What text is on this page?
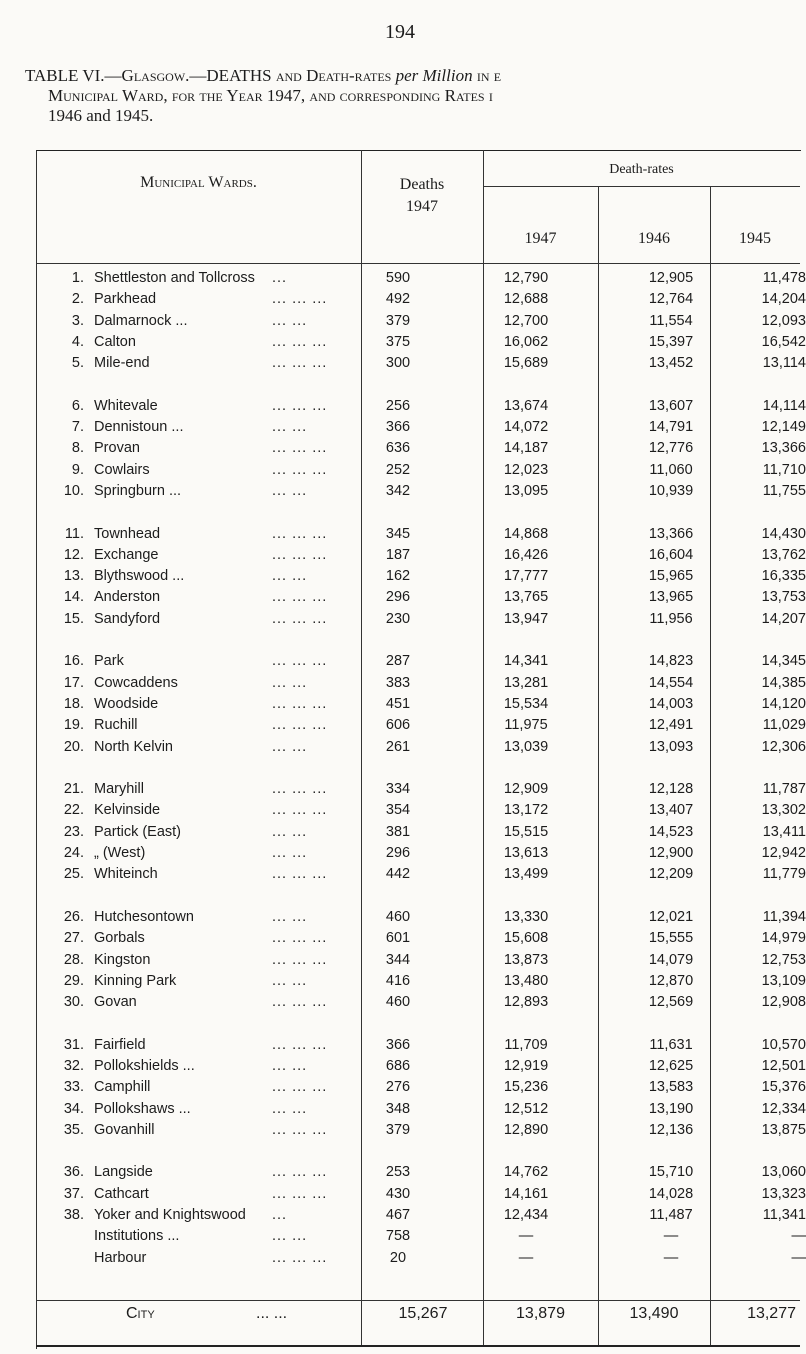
194
TABLE VI.—Glasgow.—DEATHS and Death-rates per Million in e
Municipal Ward, for the Year 1947, and corresponding Rates i
1946 and 1945.
Municipal Wards.	Deaths
1947
Death-rates
1947	1946	1945
1. Shettleston and Tollcross ...	590	12,790	12,905	11,478
2. Parkhead	... ... ...	492	12,688	12,764	14,204
3. Dalmarnock ...	... ...	379	12,700	11,554	12,093
4. Calton	... ... ...	375	16,062	15,397	16,542
5. Mile-end	... ... ...	300	15,689	13,452	13,114
6. Whitevale	... ... ...	256	13,674	13,607	14,114
7. Dennistoun ...	... ...	366	14,072	14,791	12,149
8. Provan	... ... ...	636	14,187	12,776	13,366
9. Cowlairs	... ... ...	252	12,023	11,060	11,710
10. Springburn ...	... ...	342	13,095	10,939	11,755
11. Townhead	... ... ...	345	14,868	13,366	14,430
12. Exchange	... ... ...	187	16,426	16,604	13,762
13. Blythswood ...	... ...	162	17,777	15,965	16,335
14. Anderston	... ... ...	296	13,765	13,965	13,753
15. Sandyford	... ... ...	230	13,947	11,956	14,207
16. Park	... ... ...	287	14,341	14,823	14,345
17. Cowcaddens	... ...	383	13,281	14,554	14,385
18. Woodside	... ... ...	451	15,534	14,003	14,120
19. Ruchill	... ... ...	606	11,975	12,491	11,029
20. North Kelvin	... ...	261	13,039	13,093	12,306
21. Maryhill	... ... ...	334	12,909	12,128	11,787
22. Kelvinside	... ... ...	354	13,172	13,407	13,302
23. Partick (East)	... ...	381	15,515	14,523	13,411
24. „ (West)	... ...	296	13,613	12,900	12,942
25. Whiteinch	... ... ...	442	13,499	12,209	11,779
26. Hutchesontown	... ...	460	13,330	12,021	11,394
27. Gorbals	... ... ...	601	15,608	15,555	14,979
28. Kingston	... ... ...	344	13,873	14,079	12,753
29. Kinning Park	... ...	416	13,480	12,870	13,109
30. Govan	... ... ...	460	12,893	12,569	12,908
31. Fairfield	... ... ...	366	11,709	11,631	10,570
32. Pollokshields ...	... ...	686	12,919	12,625	12,501
33. Camphill	... ... ...	276	15,236	13,583	15,376
34. Pollokshaws ...	... ...	348	12,512	13,190	12,334
35. Govanhill	... ... ...	379	12,890	12,136	13,875
36. Langside	... ... ...	253	14,762	15,710	13,060
37. Cathcart	... ... ...	430	14,161	14,028	13,323
38. Yoker and Knightswood ...	467	12,434	11,487	11,341
Institutions ...	... ...	758	—	—	—
Harbour	... ... ...	20	—	—	—
City	... ...	15,267	13,879	13,490	13,277
